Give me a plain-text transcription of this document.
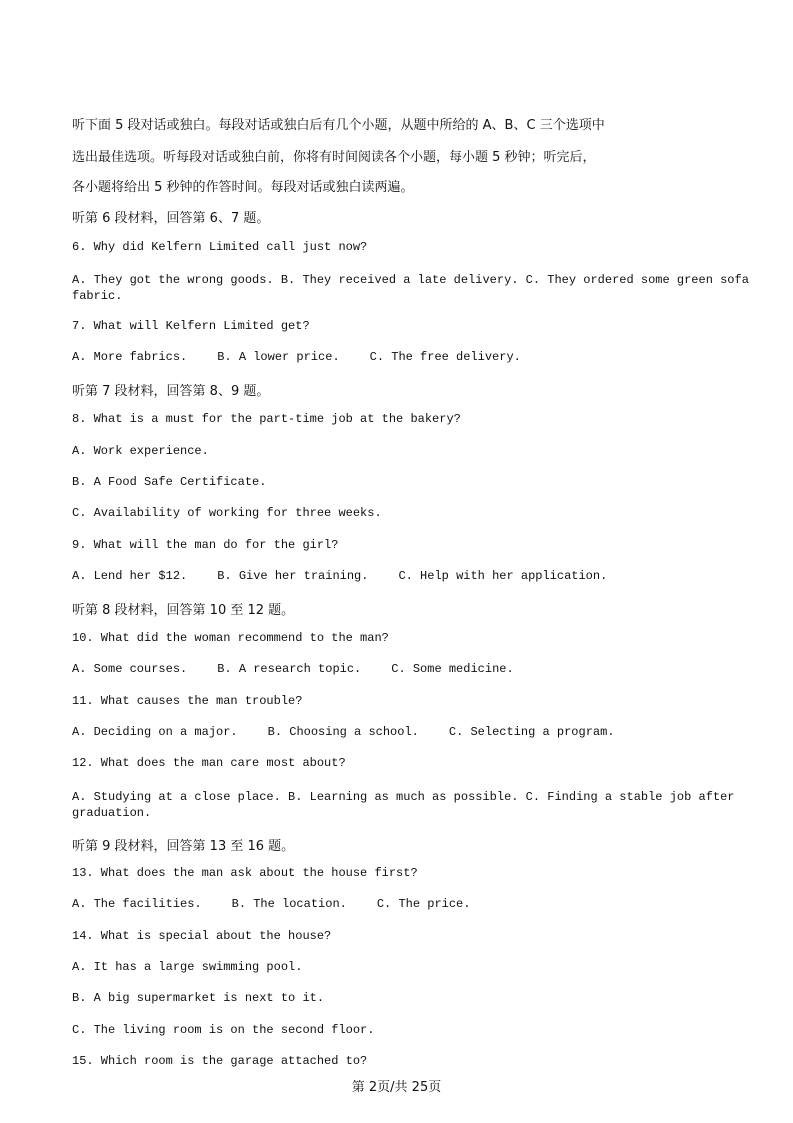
听下面 5 段对话或独白。每段对话或独白后有几个小题，从题中所给的 A、B、C 三个选项中
选出最佳选项。听每段对话或独白前，你将有时间阅读各个小题，每小题 5 秒钟；听完后，
各小题将给出 5 秒钟的作答时间。每段对话或独白读两遍。
听第 6 段材料，回答第 6、7 题。
6. Why did Kelfern Limited call just now?
A. They got the wrong goods. B. They received a late delivery. C. They ordered some green sofa fabric.
7. What will Kelfern Limited get?
A. More fabrics.	B. A lower price.	C. The free delivery.
听第 7 段材料，回答第 8、9 题。
8. What is a must for the part-time job at the bakery?
A. Work experience.
B. A Food Safe Certificate.
C. Availability of working for three weeks.
9. What will the man do for the girl?
A. Lend her $12.	B. Give her training.	C. Help with her application.
听第 8 段材料，回答第 10 至 12 题。
10. What did the woman recommend to the man?
A. Some courses.	B. A research topic.	C. Some medicine.
11. What causes the man trouble?
A. Deciding on a major.	B. Choosing a school.	C. Selecting a program.
12. What does the man care most about?
A. Studying at a close place. B. Learning as much as possible. C. Finding a stable job after graduation.
听第 9 段材料，回答第 13 至 16 题。
13. What does the man ask about the house first?
A. The facilities.	B. The location.	C. The price.
14. What is special about the house?
A. It has a large swimming pool.
B. A big supermarket is next to it.
C. The living room is on the second floor.
15. Which room is the garage attached to?
第 2页/共 25页
